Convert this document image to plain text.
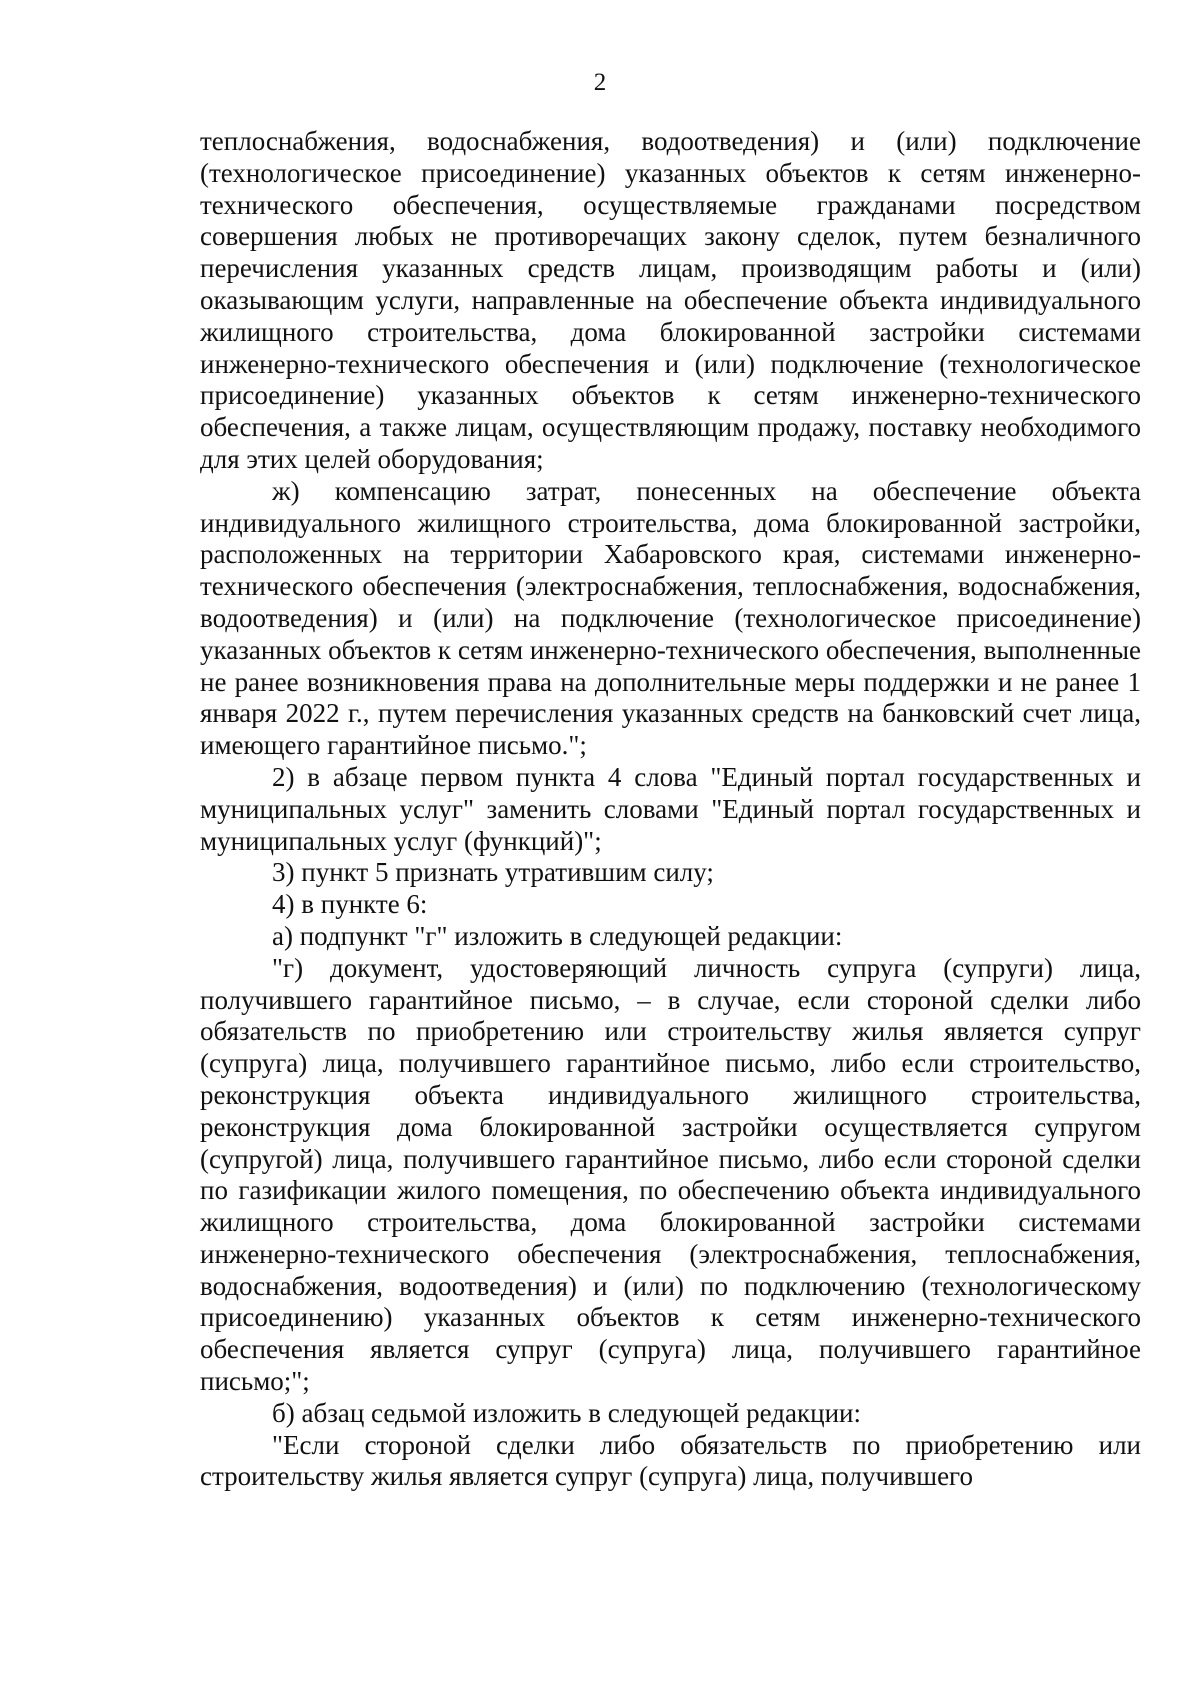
2

теплоснабжения, водоснабжения, водоотведения) и (или) подключение (технологическое присоединение) указанных объектов к сетям инженерно-технического обеспечения, осуществляемые гражданами посредством совершения любых не противоречащих закону сделок, путем безналичного перечисления указанных средств лицам, производящим работы и (или) оказывающим услуги, направленные на обеспечение объекта индивидуального жилищного строительства, дома блокированной застройки системами инженерно-технического обеспечения и (или) подключение (технологическое присоединение) указанных объектов к сетям инженерно-технического обеспечения, а также лицам, осуществляющим продажу, поставку необходимого для этих целей оборудования;

ж) компенсацию затрат, понесенных на обеспечение объекта индивидуального жилищного строительства, дома блокированной застройки, расположенных на территории Хабаровского края, системами инженерно-технического обеспечения (электроснабжения, теплоснабжения, водоснабжения, водоотведения) и (или) на подключение (технологическое присоединение) указанных объектов к сетям инженерно-технического обеспечения, выполненные не ранее возникновения права на дополнительные меры поддержки и не ранее 1 января 2022 г., путем перечисления указанных средств на банковский счет лица, имеющего гарантийное письмо.";

2) в абзаце первом пункта 4 слова "Единый портал государственных и муниципальных услуг" заменить словами "Единый портал государственных и муниципальных услуг (функций)";

3) пункт 5 признать утратившим силу;

4) в пункте 6:

а) подпункт "г" изложить в следующей редакции:

"г) документ, удостоверяющий личность супруга (супруги) лица, получившего гарантийное письмо, – в случае, если стороной сделки либо обязательств по приобретению или строительству жилья является супруг (супруга) лица, получившего гарантийное письмо, либо если строительство, реконструкция объекта индивидуального жилищного строительства, реконструкция дома блокированной застройки осуществляется супругом (супругой) лица, получившего гарантийное письмо, либо если стороной сделки по газификации жилого помещения, по обеспечению объекта индивидуального жилищного строительства, дома блокированной застройки системами инженерно-технического обеспечения (электроснабжения, теплоснабжения, водоснабжения, водоотведения) и (или) по подключению (технологическому присоединению) указанных объектов к сетям инженерно-технического обеспечения является супруг (супруга) лица, получившего гарантийное письмо;";

б) абзац седьмой изложить в следующей редакции:

"Если стороной сделки либо обязательств по приобретению или строительству жилья является супруг (супруга) лица, получившего
